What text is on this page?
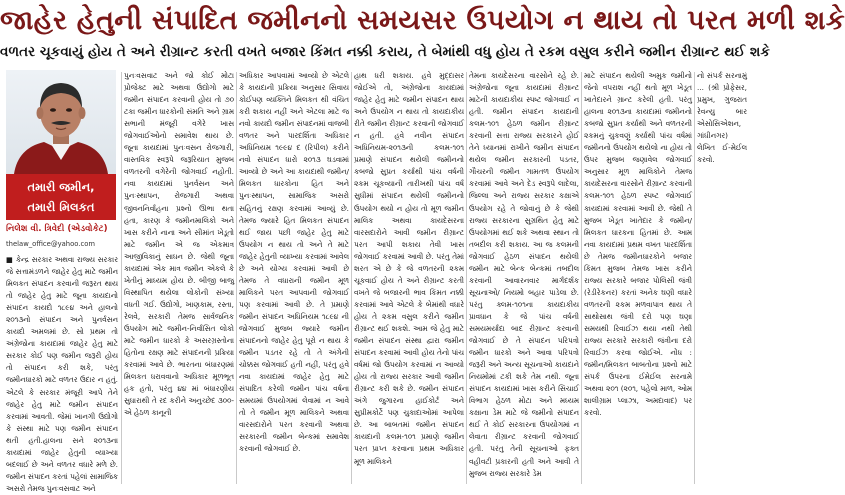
જાહેર હેતુની સંપાદિત જમીનનો સમયસર ઉપયોગ ન થાય તો પરત મળી શકે
વળતર ચૂકવાયું હોય તે અને રીગ્રાન્ટ કરતી વખતે બજાર કિંમત નક્કી કરાય, તે બેમાંથી વધુ હોય તે રકમ વસુલ કરીને જમીન રીગ્રાન્ટ થઈ શકે
તમારી જમીન,
તમારી મિલકત
નિલેશ વી. ત્રિવેદી (એડવોકેટ)
thelaw_office@yahoo.com

■ કેન્દ્ર સરકાર અથવા રાજ્ય સરકાર જે સત્તામંડળને જાહેર હેતુ માટે જમીન મિલકત સંપાદન કરવાની જરૂરત થાય તો જાહેર હેતુ માટે જૂના કાયદાનો સંપાદન કાયદો ૧૮૯૪ અને હાલનો ૨૦૧૩નો સંપાદન અને પુનર્વસન કાયદો અમલમાં છે. સો પ્રથમ તો અંગ્રેજોના કાયદામાં જાહેર હેતુ માટે સરકાર કોઈ પણ જમીન જરૂરી હોય તો સંપાદન કરી શકે, પરંતુ જમીનધારકો માટે વળતર ઉદાર ન હતું. એટલે કે સરકાર મંજૂરી આપે તેને જાહેર હેતુ માટે જમીન સંપાદન કરવામાં આવતી. જેમાં ખાનગી ઉદ્યોગો કે સંસ્થા માટે પણ જમીન સંપાદન થતી હતી.હાલના સને ૨૦૧૩ના કાયદામાં જાહેર હેતુની વ્યાખ્યા બદલાઈ છે અને વળતર વધારે મળે છે. જમીન સંપાદન કરતાં પહેલાં સામાજિક અસરો તેમજ પુનઃવસવાટ અને

પુનઃવસવાટ અને જો કોઈ મોટા પ્રોજેક્ટ માટે અથવા ઉદ્યોગો માટે જમીન સંપાદન કરવાની હોય તો ૭૦ ટકા જમીન ધારકોની સંમતિ અને ગ્રામ સભાની મંજૂરી વગેરે ખાસ જોગવાઈઓનો સમાવેશ થાય છે. જૂના કાયદામાં પુનઃવસન રોજગારી, વાસ્તવિક સ્વરૂપે જરૂરિયાત મુજબ વળતરની વગેરેની જોગવાઈ નહોતી. નવા કાયદામાં પુનર્વસન અને પુનઃસ્થાપન, રોજગારી અથવા જીવનનિર્વાહના પ્રશ્નો ઊભા થતા હતા, કારણ કે જમીનમાલિકો અને ખાસ કરીને નાના અને સીમાંત ખેડૂતો માટે જમીન એ જ એકમાત્ર આજીવિકાનું સાધન છે. જેથી જૂના કાયદામાં એક માત્ર જમીન એકલે કે ખેતીનું માધ્યમ હોય છે. બીજી બાજુ વિસ્થાપિત થયેલા લોકોની સંખ્યા વધતી ગઈ. ઉદ્યોગો, ખાણકામ, રસ્તા, રેલવે, સરકારી તેમજ સાર્વજનિક ઉપયોગ માટે જમીન-નિર્વાસિત લોકો માટે જમીન ધારકો કે અસરગ્રસ્તોના હિતોના રક્ષણ માટે સંપાદનની પ્રક્રિયા કરવામાં આવે છે. ભારતના બંધારણમાં મિલકત ધરાવવાનો અધિકાર મૂળભૂત હક હતો, પરંતુ ૪૪ માં બંધારણીય સુધારાથી તે રદ કરીને અનુચ્છેદ ૩૦૦-એ હેઠળ કાનૂની

અધિકાર આપવામાં આવ્યો છે એટલે કે કાયદાની પ્રક્રિયા અનુસાર સિવાય કોઈપણ વ્યક્તિને મિલકત થી વંચિત કરી શકાય નહીં અને એટલા માટે જ નવો કાયદો જમીન સંપાદનમાં વાજબી વળતર અને પારદર્શિતા અધિકાર અધિનિયમ ૧૯૯૪ દ (રિપીલ) કરીને નવો સંપાદન ધારો ૨૦૧૩ ઘડવામાં આવ્યો છે અને આ કાયદાથી જમીન/મિલકત ધારકોના હિત અને પુનઃસ્થાપન, સામાજિક અસરો સહિતનું રક્ષણ કરવામાં આવ્યું છે. તેમજ જ્યારે હિત મિલકત સંપાદન થઈ જાય પછી જાહેર હેતુ માટે ઉપયોગ ન થાય તો અને તે માટે જાહેર હેતુની વ્યાખ્યા કરવામાં આવેલ છે અને યોગ્ય કરવામાં આવી છે તેમજ તે વધારાની જમીન મૂળ માલિકને પરત આપવાની જોગવાઈ પણ કરવામાં આવી છે. તે પ્રમાણે જમીન સંપાદન અધિનિયમ ૧૮૯૪ ની જોગવાઈ મુજબ જ્યારે જમીન સંપાદનનો જાહેર હેતુ પૂરો ન થાય કે જમીન પડતર રહે તો તે અંગેની ચોક્કસ જોગવાઈ હતી નહીં, પરંતુ હવે નવા કાયદામાં જાહેર હેતુ માટે સંપાદિત કરેલી જમીન પાંચ વર્ષના સમયમાં ઉપયોગમાં લેવામાં ન આવે તો તે જમીન મૂળ માલિકને અથવા વારસદારોને પરત કરવાની અથવા સરકારની જમીન બેન્કમાં સમાવેશ કરવાની જોગવાઈ છે.

હાથ ધરી શકાય. હવે મુદ્દાસર જોઈએ તો, અંગ્રેજોના કાયદામાં જાહેર હેતુ માટે જમીન સંપાદન થાય અને ઉપયોગ ન થાય તો કાયદાકીય રીતે જમીન રીગ્રાન્ટ કરવાની જોગવાઈ ન હતી. હવે નવીન સંપાદન અધિનિયમ-૨૦૧૩ની કલમ-૧૦૧ પ્રમાણે સંપાદન થયેલી જમીનનો કબજો સુપ્રત કર્યાથી પાંચ વર્ષની ૨કમ ચૂકવ્યાની તારીખથી પાંચ વર્ષ સુધીમાં સંપાદન થયેલી જમીનનો ઉપયોગ થયો ન હોય તો મૂળ જમીન માલિક અથવા કાયદેસરના વારસદારોને આવી જમીન રીગ્રાન્ટ પરત આપી શકાય તેવી ખાસ જોગવાઈ કરવામાં આવી છે. પરંતુ તેમાં શરત એ છે કે જે વળતરની ૨કમ ચૂકવાઈ હોય તે અને રીગ્રાન્ટ કરતી વખતે જે બજારની ભાવ કિંમત નક્કી કરવામાં આવે એટલે કે બેમાંથી વધારે હોય તે ૨કમ વસુલ કરીને જમીન રીગ્રાન્ટ થઈ શકશે. આમ જે હેતુ માટે જમીન સંપાદન સંસ્થા દ્વારા જમીન સંપાદન કરવામાં આવી હોય તેનો પાંચ વર્ષમાં જો ઉપયોગ કરવામાં ન આવ્યો હોય તો રાજ્ય સરકાર આવી જમીન રીગ્રાન્ટ કરી શકે છે. જમીન સંપાદન અંગે જુગારના હાઈકોર્ટ અને સુપ્રીમકોર્ટે પણ ચુકાદાઓમાં આપેલા છે. આ બાબતમાં જમીન સંપાદન કાયદાની કલમ-૧૦૧ પ્રમાણે જમીન પરત પ્રાપ્ત કરવાના પ્રથમ અધિકાર મૂળ માલિકને

તેમના કાયદેસરના વારસોને રહે છે. અંગ્રેજોના જૂના કાયદામાં રીગ્રાન્ટ માટેની કાયદાકીય સ્પષ્ટ જોગવાઈ ન હતી. જમીન સંપાદન કાયદાની કલમ-૧૦૧ હેઠળ જમીન રીગ્રાન્ટ કરવાની સત્તા રાજ્ય સરકારને હોઈ તેને ધ્યાનમાં રાખીને જમીન સંપાદન થયેલ જમીન સરકારની પડતર, ગૌચરની જમીન ગામતળ ઉપયોગ કરવામાં આવે અને દેડ સ્વરૂપે લાદેલા, જિલ્લા અને રાજ્ય સરકાર કક્ષાએ ઉપયોગ રહે તે જોવાનું છે કે જેથી રાજ્ય સરકારના સુગ્રથિત હેતુ માટે ઉપયોગમાં થઈ શકે અથવા સ્થાન તો તબદીલ કરી શકાય. આ જ કલમની જોગવાઈ હેઠળ સંપાદન થયેલી જમીન માટે બેન્ક બેન્કમાં તબદીલ કરવાની આવારનવાર માર્ગદર્શક સૂચનાઓ/ નિયમો બહાર પાડેલા છે. પરંતુ ક્લમ-૧૦૧ના કાયદાકીય પ્રાવધાન કે જે પાંચ વર્ષની સમયમર્યાદા બાદ રીગ્રાન્ટ કરવાની જોગવાઈ છે તે સંપાદન પરિપત્રો જમીન ધારકો અને આવા પરિપત્રો જરૂરી અને અન્ય સૂચનાઓ કાયદાને નિયમોમાં ટકી શકે તેમ નથી. જૂના સંપાદન કાયદામાં ખાસ કરીને સિંચાઈ વિભાગ હેઠળ મોટા અને મધ્યમ કક્ષાના ડેમ માટે જે જમીનો સંપાદન થઈ તે કોઈ સરકારના ઉપયોગમાં ન લેવાતા રીગ્રાન્ટ કરવાની જોગવાઈ હતી. પરંતુ તેની સૂચનાઓ ફક્ત વહીવટી પ્રકારની હતી અને આવી તે મુજબ રાજ્ય સરકારે ડેમ

માટે સંપાદન થયેલી અમુક જમીનો જેનો વપરાશ નહીં થતો મૂળ ખેડૂત ખાતેદારને ગ્રાન્ટ કરેલી હતી. પરંતુ હાલના ૨૦૧૩ના કાયદામાં જમીનનો કબજો સુપ્રત કર્યાથી અને વળતરની ૨કમનું ચુકવણું કર્યાથી પાંચ વર્ષમાં જમીનનો ઉપયોગ થયેલો ના હોય તો ઉપર મુજબ જણાવેલ જોગવાઈ અનુસાર મૂળ માલિકોને તેમજ કાયદેસરના વારસોને રીગ્રાન્ટ કરવાની કલમ-૧૦૧ હેઠળ સ્પષ્ટ જોગવાઈ કાયદામાં કરવામાં આવી છે. જેથી તે મુજબ ખેડૂત ખાતેદાર કે જમીન/મિલકત ધારકના હિતમાં છે. આમ નવા કાયદામાં પ્રથમ વખત પારદર્શિતા છે તેમજ જમીનધારકોને બજાર કિંમત મુજબ તેમજ ખાસ કરીને રાજ્ય સરકારે બજાર પોલિસી જંત્રી (રેડીરેકનર) કરતાં અનેક ઘણી વધારે વળતરની ૨કમ મળવાપાત્ર થાય તે સાથોસાથ જંત્રી દરો પણ ઘણા સમયથી રિવાઈઝ થયા નથી તેથી રાજ્ય સરકારે સરકારી જંત્રીના દરો રિવાઈઝ કરવા જોઈએ. નોંધ : જમીન/મિલકત બાબતોના પ્રશ્નો માટે સંપર્ક ઉપરના ઈમેઈલ સરનામે અથવા ૨૦૧ (૨૦૧, પહેલો માળ, ઓમ શાલીગ્રામ પ્લાઝા, અમદાવાદ) પર કરવો.

નો સંપર્ક સરનામું ... (શ્રી પ્રોફેસર, પ્રમુખ, ગુજરાત રેવન્યુ બાર એસોસિએશન, ગાંધીનગર) લેખિત ઈ-મેઈલ કરવો.
